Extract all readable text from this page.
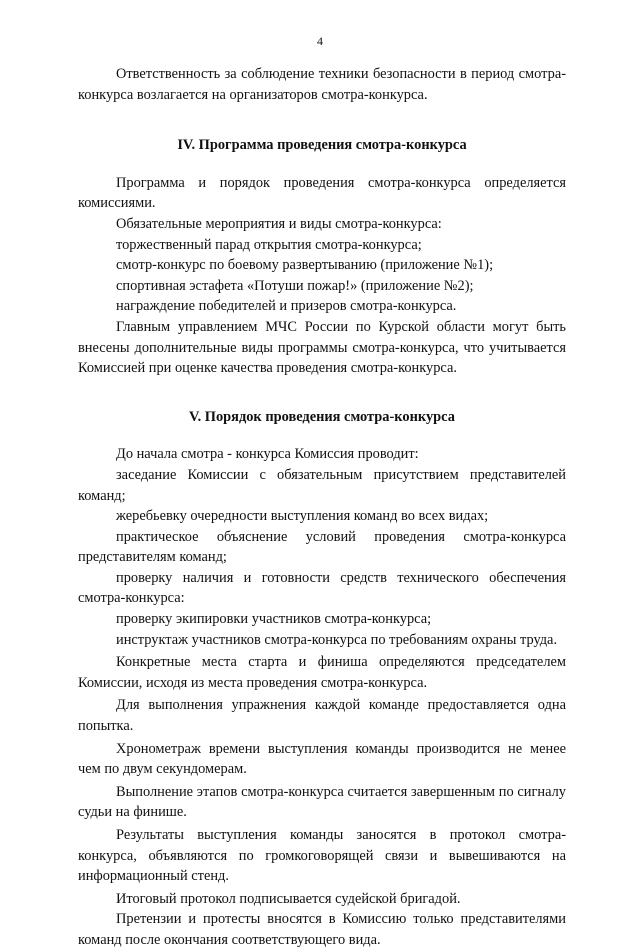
4

Ответственность за соблюдение техники безопасности в период смотра-конкурса возлагается на организаторов смотра-конкурса.

IV. Программа проведения смотра-конкурса

Программа и порядок проведения смотра-конкурса определяется комиссиями.

Обязательные мероприятия и виды смотра-конкурса:

торжественный парад открытия смотра-конкурса;

смотр-конкурс по боевому развертыванию (приложение №1);

спортивная эстафета «Потуши пожар!» (приложение №2);

награждение победителей и призеров смотра-конкурса.

Главным управлением МЧС России по Курской области могут быть внесены дополнительные виды программы смотра-конкурса, что учитывается Комиссией при оценке качества проведения смотра-конкурса.

V. Порядок проведения смотра-конкурса

До начала смотра - конкурса Комиссия проводит:

заседание Комиссии с обязательным присутствием представителей команд;

жеребьевку очередности выступления команд во всех видах;

практическое объяснение условий проведения смотра-конкурса представителям команд;

проверку наличия и готовности средств технического обеспечения смотра-конкурса:

проверку экипировки участников смотра-конкурса;

инструктаж участников смотра-конкурса по требованиям охраны труда.

Конкретные места старта и финиша определяются председателем Комиссии, исходя из места проведения смотра-конкурса.

Для выполнения упражнения каждой команде предоставляется одна попытка.

Хронометраж времени выступления команды производится не менее чем по двум секундомерам.

Выполнение этапов смотра-конкурса считается завершенным по сигналу судьи на финише.

Результаты выступления команды заносятся в протокол смотра-конкурса, объявляются по громкоговорящей связи и вывешиваются на информационный стенд.

Итоговый протокол подписывается судейской бригадой.

Претензии и протесты вносятся в Комиссию только представителями команд после окончания соответствующего вида.
